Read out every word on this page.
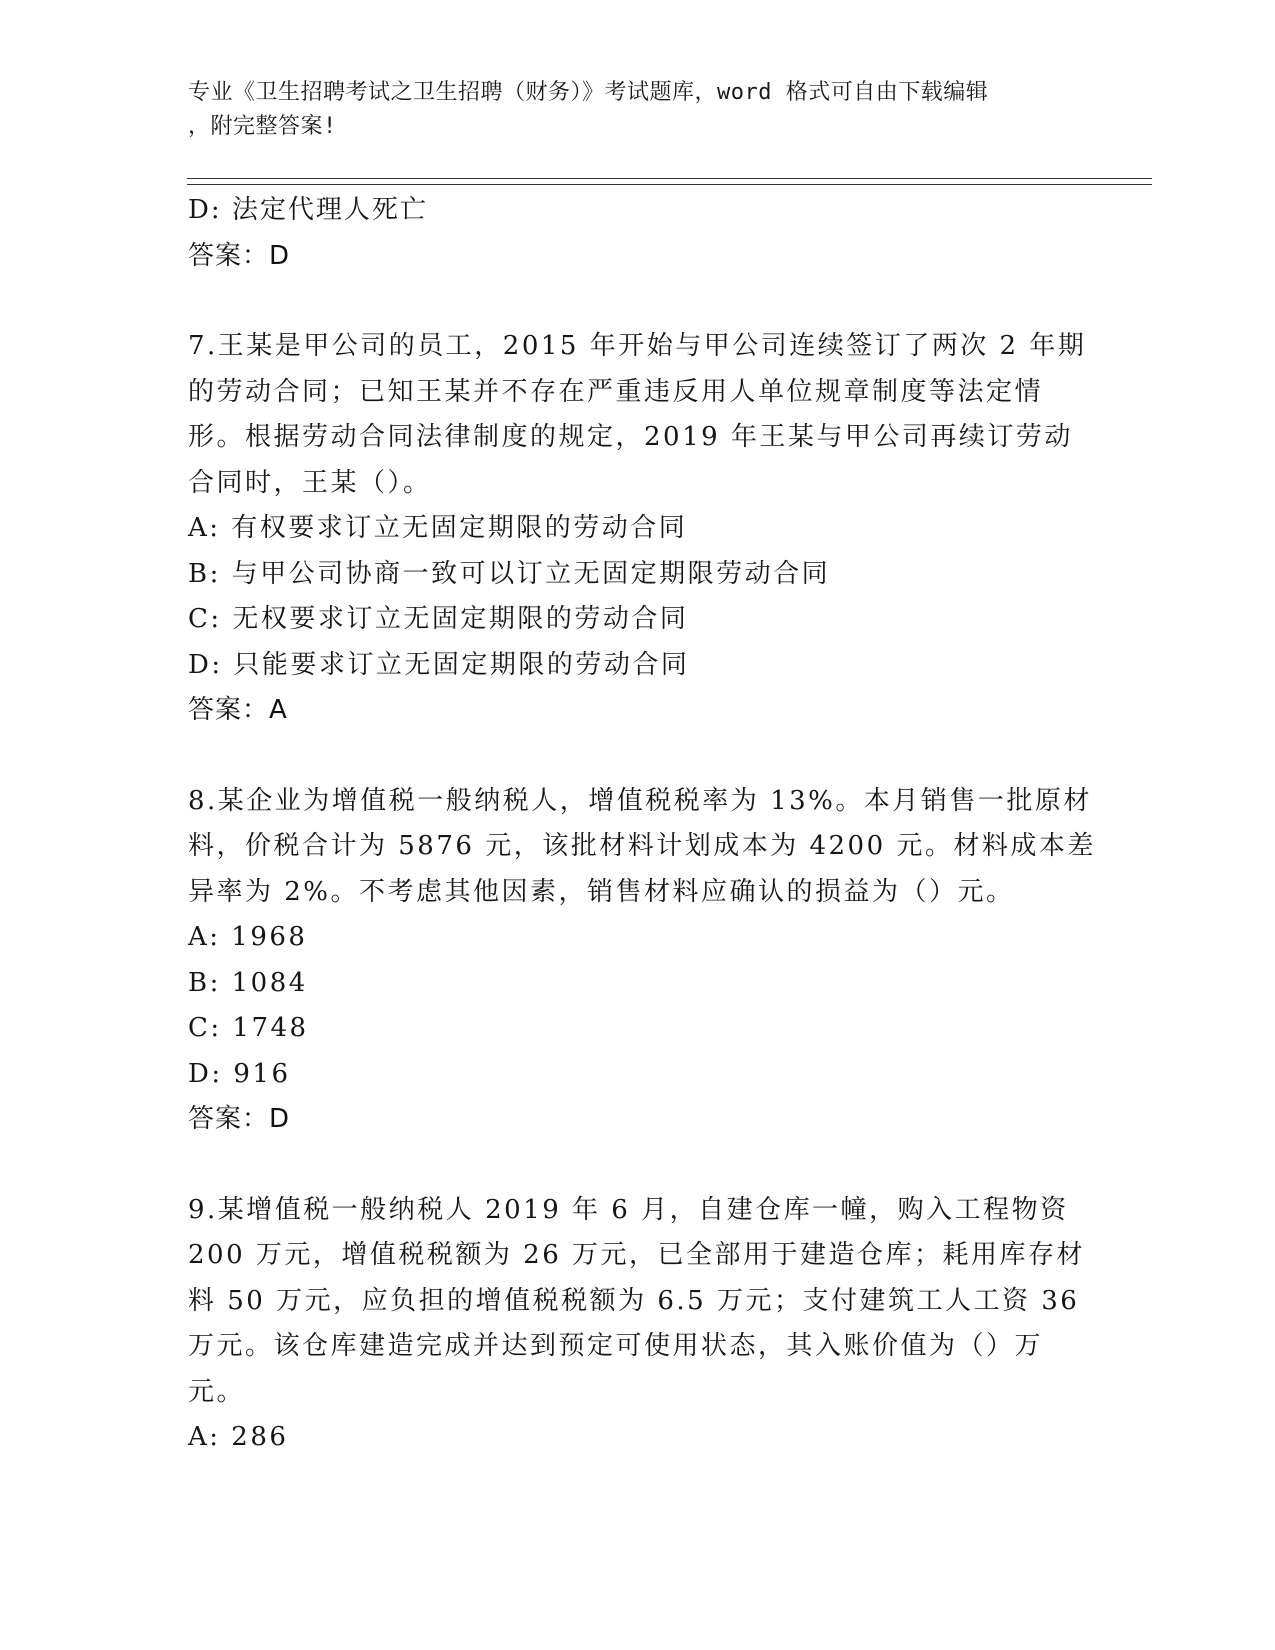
专业《卫生招聘考试之卫生招聘（财务）》考试题库，word 格式可自由下载编辑
，附完整答案!
D: 法定代理人死亡
答案：D
7.王某是甲公司的员工，2015 年开始与甲公司连续签订了两次 2 年期
的劳动合同；已知王某并不存在严重违反用人单位规章制度等法定情
形。根据劳动合同法律制度的规定，2019 年王某与甲公司再续订劳动
合同时，王某（）。
A: 有权要求订立无固定期限的劳动合同
B: 与甲公司协商一致可以订立无固定期限劳动合同
C: 无权要求订立无固定期限的劳动合同
D: 只能要求订立无固定期限的劳动合同
答案：A
8.某企业为增值税一般纳税人，增值税税率为 13%。本月销售一批原材
料，价税合计为 5876 元，该批材料计划成本为 4200 元。材料成本差
异率为 2%。不考虑其他因素，销售材料应确认的损益为（）元。
A: 1968
B: 1084
C: 1748
D: 916
答案：D
9.某增值税一般纳税人 2019 年 6 月，自建仓库一幢，购入工程物资
200 万元，增值税税额为 26 万元，已全部用于建造仓库；耗用库存材
料 50 万元，应负担的增值税税额为 6.5 万元；支付建筑工人工资 36
万元。该仓库建造完成并达到预定可使用状态，其入账价值为（）万
元。
A: 286
